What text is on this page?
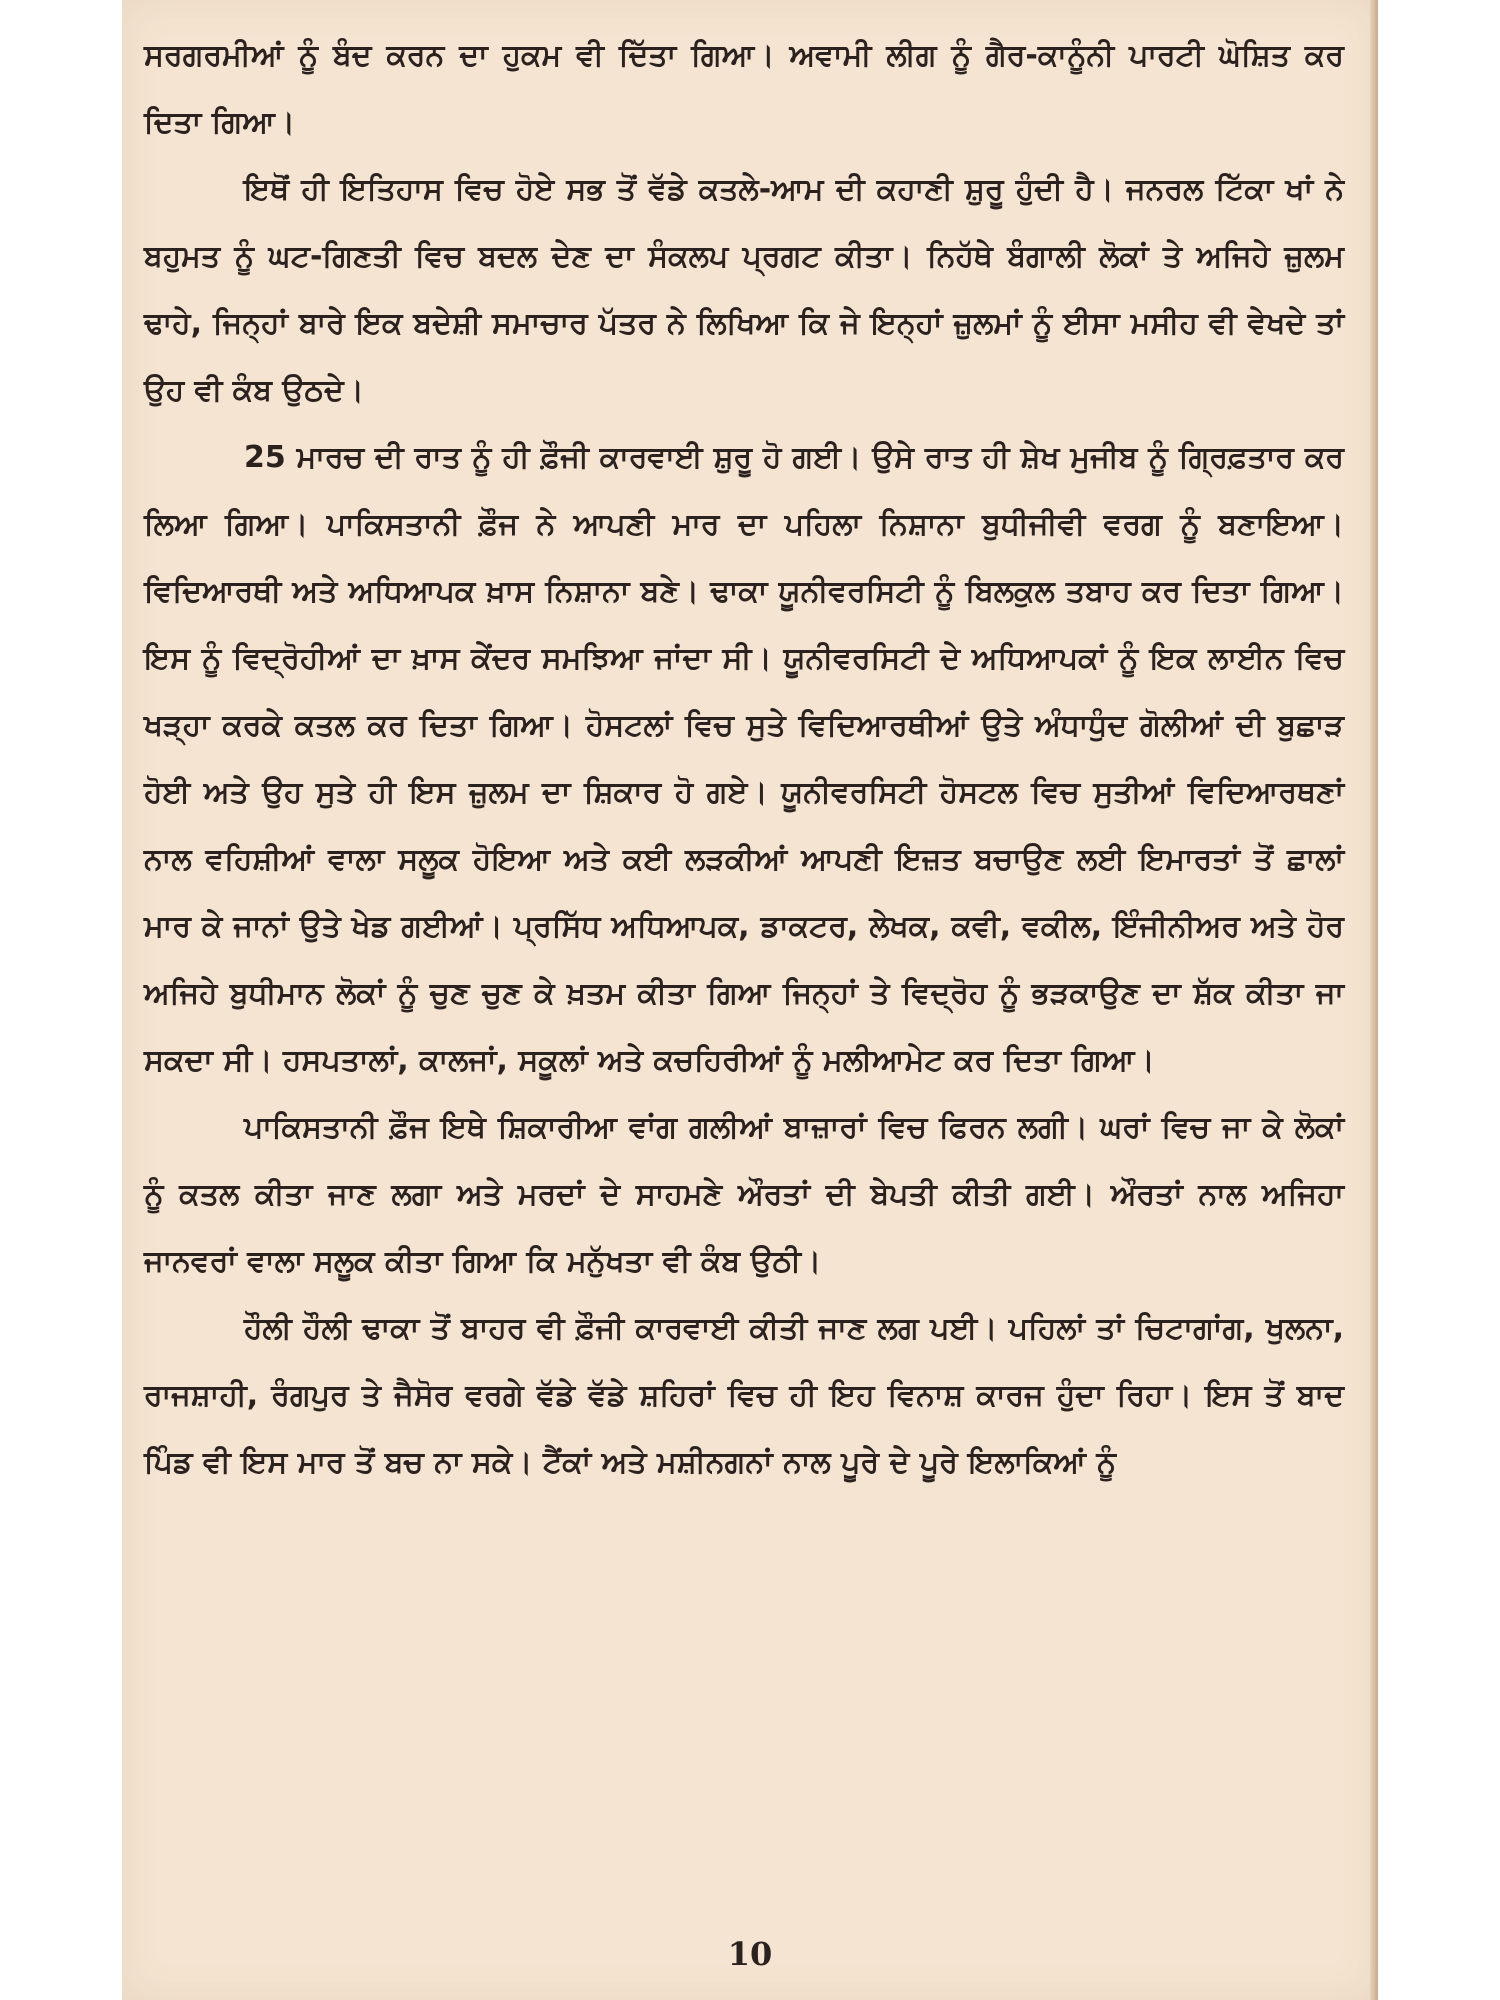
ਸਰਗਰਮੀਆਂ ਨੂੰ ਬੰਦ ਕਰਨ ਦਾ ਹੁਕਮ ਵੀ ਦਿੱਤਾ ਗਿਆ। ਅਵਾਮੀ ਲੀਗ ਨੂੰ ਗੈਰ-ਕਾਨੂੰਨੀ ਪਾਰਟੀ ਘੋਸ਼ਿਤ ਕਰ ਦਿਤਾ ਗਿਆ।

ਇਥੋਂ ਹੀ ਇਤਿਹਾਸ ਵਿਚ ਹੋਏ ਸਭ ਤੋਂ ਵੱਡੇ ਕਤਲੇ-ਆਮ ਦੀ ਕਹਾਣੀ ਸ਼ੁਰੂ ਹੁੰਦੀ ਹੈ। ਜਨਰਲ ਟਿੱਕਾ ਖਾਂ ਨੇ ਬਹੁਮਤ ਨੂੰ ਘਟ-ਗਿਣਤੀ ਵਿਚ ਬਦਲ ਦੇਣ ਦਾ ਸੰਕਲਪ ਪ੍ਰਗਟ ਕੀਤਾ। ਨਿਹੱਥੇ ਬੰਗਾਲੀ ਲੋਕਾਂ ਤੇ ਅਜਿਹੇ ਜ਼ੁਲਮ ਢਾਹੇ, ਜਿਨ੍ਹਾਂ ਬਾਰੇ ਇਕ ਬਦੇਸ਼ੀ ਸਮਾਚਾਰ ਪੱਤਰ ਨੇ ਲਿਖਿਆ ਕਿ ਜੇ ਇਨ੍ਹਾਂ ਜ਼ੁਲਮਾਂ ਨੂੰ ਈਸਾ ਮਸੀਹ ਵੀ ਵੇਖਦੇ ਤਾਂ ਉਹ ਵੀ ਕੰਬ ਉਠਦੇ।

25 ਮਾਰਚ ਦੀ ਰਾਤ ਨੂੰ ਹੀ ਫ਼ੌਜੀ ਕਾਰਵਾਈ ਸ਼ੁਰੂ ਹੋ ਗਈ। ਉਸੇ ਰਾਤ ਹੀ ਸ਼ੇਖ ਮੁਜੀਬ ਨੂੰ ਗ੍ਰਿਫ਼ਤਾਰ ਕਰ ਲਿਆ ਗਿਆ। ਪਾਕਿਸਤਾਨੀ ਫ਼ੌਜ ਨੇ ਆਪਣੀ ਮਾਰ ਦਾ ਪਹਿਲਾ ਨਿਸ਼ਾਨਾ ਬੁਧੀਜੀਵੀ ਵਰਗ ਨੂੰ ਬਣਾਇਆ। ਵਿਦਿਆਰਥੀ ਅਤੇ ਅਧਿਆਪਕ ਖ਼ਾਸ ਨਿਸ਼ਾਨਾ ਬਣੇ। ਢਾਕਾ ਯੂਨੀਵਰਸਿਟੀ ਨੂੰ ਬਿਲਕੁਲ ਤਬਾਹ ਕਰ ਦਿਤਾ ਗਿਆ। ਇਸ ਨੂੰ ਵਿਦ੍ਰੋਹੀਆਂ ਦਾ ਖ਼ਾਸ ਕੇਂਦਰ ਸਮਝਿਆ ਜਾਂਦਾ ਸੀ। ਯੂਨੀਵਰਸਿਟੀ ਦੇ ਅਧਿਆਪਕਾਂ ਨੂੰ ਇਕ ਲਾਈਨ ਵਿਚ ਖੜ੍ਹਾ ਕਰਕੇ ਕਤਲ ਕਰ ਦਿਤਾ ਗਿਆ। ਹੋਸਟਲਾਂ ਵਿਚ ਸੁਤੇ ਵਿਦਿਆਰਥੀਆਂ ਉਤੇ ਅੰਧਾਧੁੰਦ ਗੋਲੀਆਂ ਦੀ ਬੁਛਾੜ ਹੋਈ ਅਤੇ ਉਹ ਸੁਤੇ ਹੀ ਇਸ ਜ਼ੁਲਮ ਦਾ ਸ਼ਿਕਾਰ ਹੋ ਗਏ। ਯੂਨੀਵਰਸਿਟੀ ਹੋਸਟਲ ਵਿਚ ਸੁਤੀਆਂ ਵਿਦਿਆਰਥਣਾਂ ਨਾਲ ਵਹਿਸ਼ੀਆਂ ਵਾਲਾ ਸਲੂਕ ਹੋਇਆ ਅਤੇ ਕਈ ਲੜਕੀਆਂ ਆਪਣੀ ਇਜ਼ਤ ਬਚਾਉਣ ਲਈ ਇਮਾਰਤਾਂ ਤੋਂ ਛਾਲਾਂ ਮਾਰ ਕੇ ਜਾਨਾਂ ਉਤੇ ਖੇਡ ਗਈਆਂ। ਪ੍ਰਸਿੱਧ ਅਧਿਆਪਕ, ਡਾਕਟਰ, ਲੇਖਕ, ਕਵੀ, ਵਕੀਲ, ਇੰਜੀਨੀਅਰ ਅਤੇ ਹੋਰ ਅਜਿਹੇ ਬੁਧੀਮਾਨ ਲੋਕਾਂ ਨੂੰ ਚੁਣ ਚੁਣ ਕੇ ਖ਼ਤਮ ਕੀਤਾ ਗਿਆ ਜਿਨ੍ਹਾਂ ਤੇ ਵਿਦ੍ਰੋਹ ਨੂੰ ਭੜਕਾਉਣ ਦਾ ਸ਼ੱਕ ਕੀਤਾ ਜਾ ਸਕਦਾ ਸੀ। ਹਸਪਤਾਲਾਂ, ਕਾਲਜਾਂ, ਸਕੂਲਾਂ ਅਤੇ ਕਚਹਿਰੀਆਂ ਨੂੰ ਮਲੀਆਮੇਟ ਕਰ ਦਿਤਾ ਗਿਆ।

ਪਾਕਿਸਤਾਨੀ ਫ਼ੌਜ ਇਥੇ ਸ਼ਿਕਾਰੀਆ ਵਾਂਗ ਗਲੀਆਂ ਬਾਜ਼ਾਰਾਂ ਵਿਚ ਫਿਰਨ ਲਗੀ। ਘਰਾਂ ਵਿਚ ਜਾ ਕੇ ਲੋਕਾਂ ਨੂੰ ਕਤਲ ਕੀਤਾ ਜਾਣ ਲਗਾ ਅਤੇ ਮਰਦਾਂ ਦੇ ਸਾਹਮਣੇ ਔਰਤਾਂ ਦੀ ਬੇਪਤੀ ਕੀਤੀ ਗਈ। ਔਰਤਾਂ ਨਾਲ ਅਜਿਹਾ ਜਾਨਵਰਾਂ ਵਾਲਾ ਸਲੂਕ ਕੀਤਾ ਗਿਆ ਕਿ ਮਨੁੱਖਤਾ ਵੀ ਕੰਬ ਉਠੀ।

ਹੌਲੀ ਹੌਲੀ ਢਾਕਾ ਤੋਂ ਬਾਹਰ ਵੀ ਫ਼ੌਜੀ ਕਾਰਵਾਈ ਕੀਤੀ ਜਾਣ ਲਗ ਪਈ। ਪਹਿਲਾਂ ਤਾਂ ਚਿਟਾਗਾਂਗ, ਖੁਲਨਾ, ਰਾਜਸ਼ਾਹੀ, ਰੰਗਪੁਰ ਤੇ ਜੈਸੋਰ ਵਰਗੇ ਵੱਡੇ ਵੱਡੇ ਸ਼ਹਿਰਾਂ ਵਿਚ ਹੀ ਇਹ ਵਿਨਾਸ਼ ਕਾਰਜ ਹੁੰਦਾ ਰਿਹਾ। ਇਸ ਤੋਂ ਬਾਦ ਪਿੰਡ ਵੀ ਇਸ ਮਾਰ ਤੋਂ ਬਚ ਨਾ ਸਕੇ। ਟੈਂਕਾਂ ਅਤੇ ਮਸ਼ੀਨਗਨਾਂ ਨਾਲ ਪੂਰੇ ਦੇ ਪੂਰੇ ਇਲਾਕਿਆਂ ਨੂੰ

10
